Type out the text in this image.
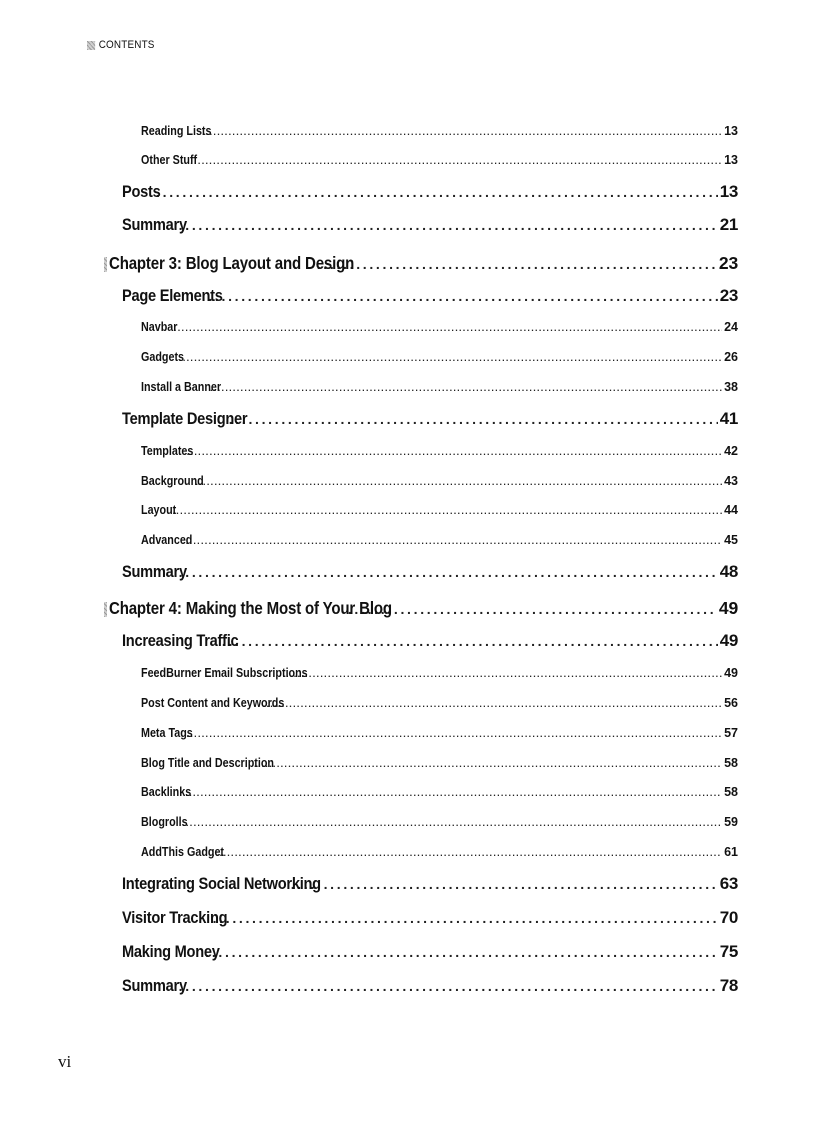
CONTENTS
Reading Lists . . .	13
Other Stuff . . .	13
Posts . . .	13
Summary . . .	21
Chapter 3: Blog Layout and Design . . .	23
Page Elements . . .	23
Navbar . . .	24
Gadgets . . .	26
Install a Banner . . .	38
Template Designer . . .	41
Templates . . .	42
Background . . .	43
Layout . . .	44
Advanced . . .	45
Summary . . .	48
Chapter 4: Making the Most of Your Blog . . .	49
Increasing Traffic . . .	49
FeedBurner Email Subscriptions . . .	49
Post Content and Keywords . . .	56
Meta Tags . . .	57
Blog Title and Description . . .	58
Backlinks . . .	58
Blogrolls . . .	59
AddThis Gadget . . .	61
Integrating Social Networking . . .	63
Visitor Tracking . . .	70
Making Money . . .	75
Summary . . .	78
vi
